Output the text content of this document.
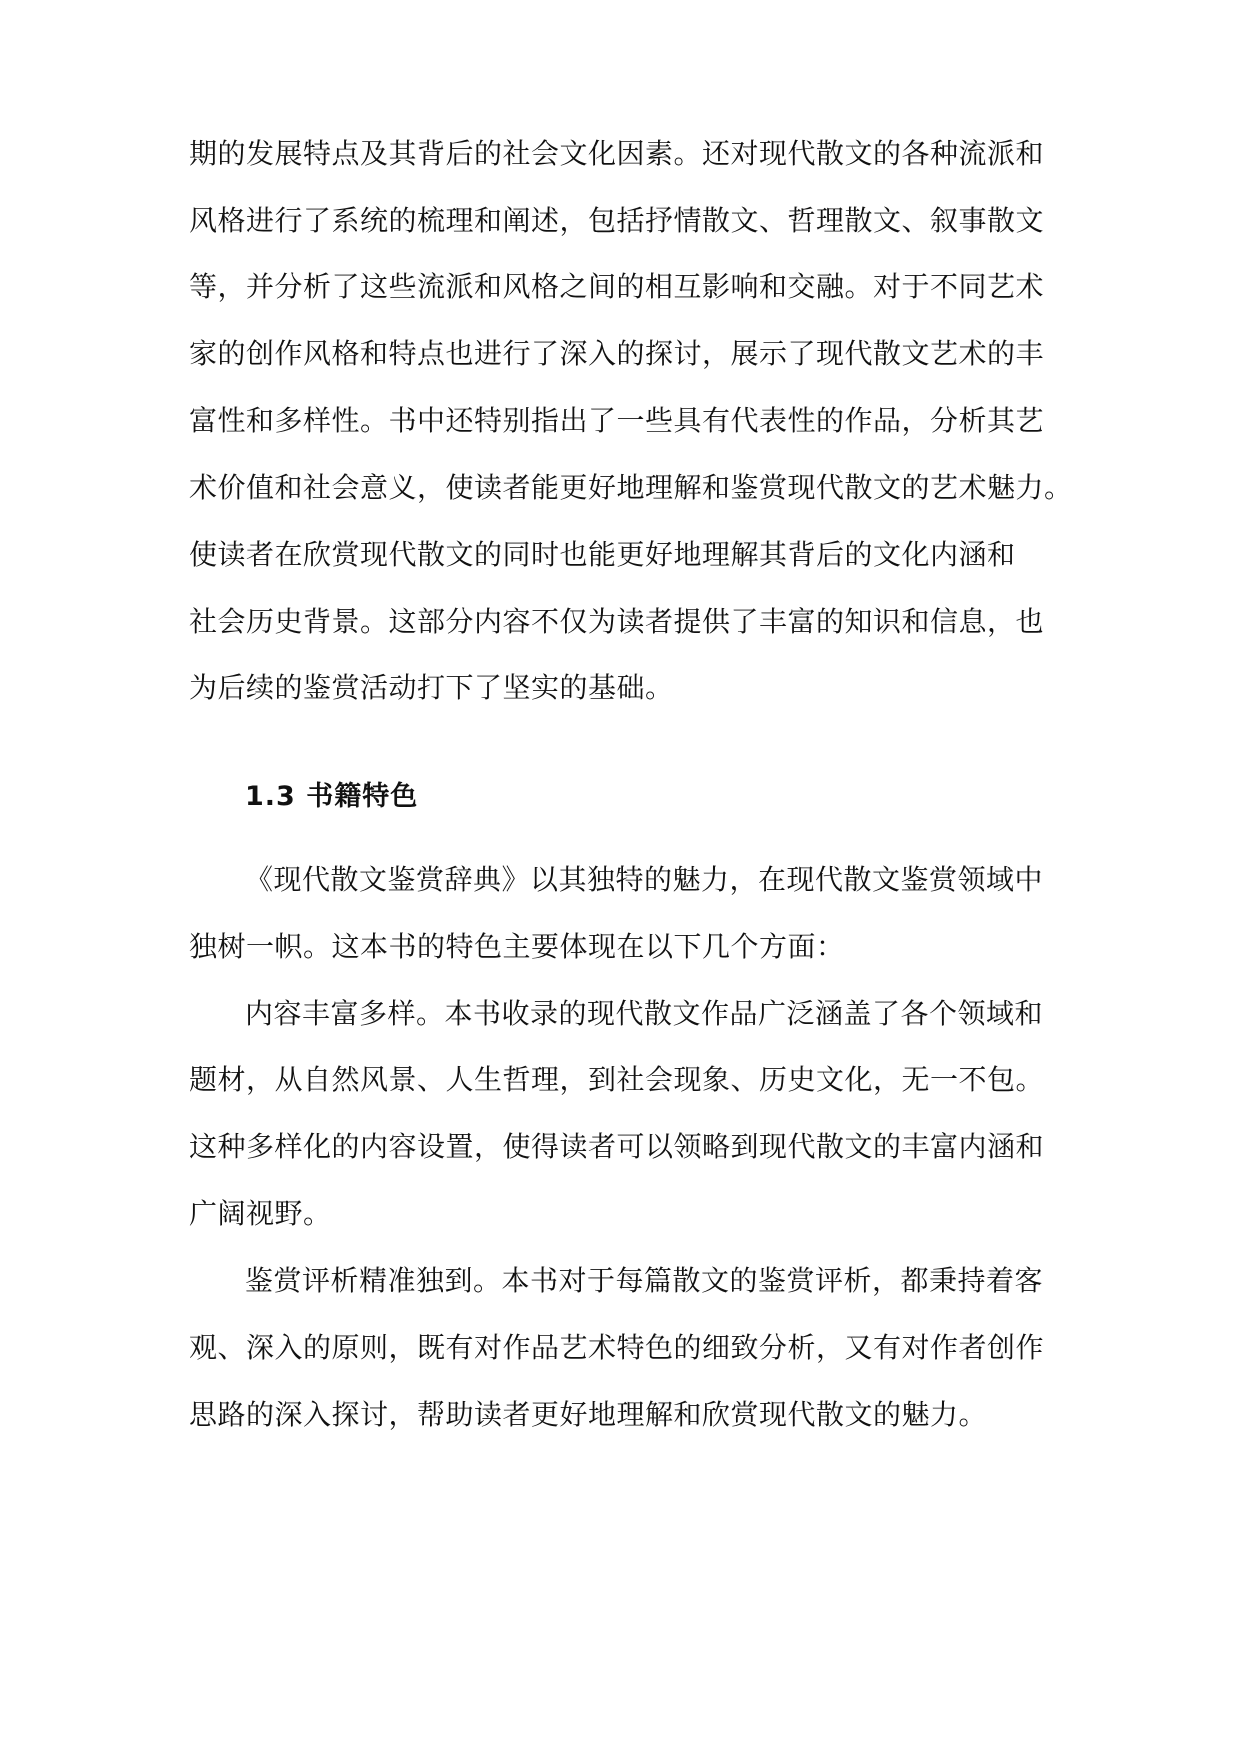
期的发展特点及其背后的社会文化因素。还对现代散文的各种流派和
风格进行了系统的梳理和阐述，包括抒情散文、哲理散文、叙事散文
等，并分析了这些流派和风格之间的相互影响和交融。对于不同艺术
家的创作风格和特点也进行了深入的探讨，展示了现代散文艺术的丰
富性和多样性。书中还特别指出了一些具有代表性的作品，分析其艺
术价值和社会意义，使读者能更好地理解和鉴赏现代散文的艺术魅力。
使读者在欣赏现代散文的同时也能更好地理解其背后的文化内涵和
社会历史背景。这部分内容不仅为读者提供了丰富的知识和信息，也
为后续的鉴赏活动打下了坚实的基础。
1.3 书籍特色
《现代散文鉴赏辞典》以其独特的魅力，在现代散文鉴赏领域中
独树一帜。这本书的特色主要体现在以下几个方面：
内容丰富多样。本书收录的现代散文作品广泛涵盖了各个领域和
题材，从自然风景、人生哲理，到社会现象、历史文化，无一不包。
这种多样化的内容设置，使得读者可以领略到现代散文的丰富内涵和
广阔视野。
鉴赏评析精准独到。本书对于每篇散文的鉴赏评析，都秉持着客
观、深入的原则，既有对作品艺术特色的细致分析，又有对作者创作
思路的深入探讨，帮助读者更好地理解和欣赏现代散文的魅力。
